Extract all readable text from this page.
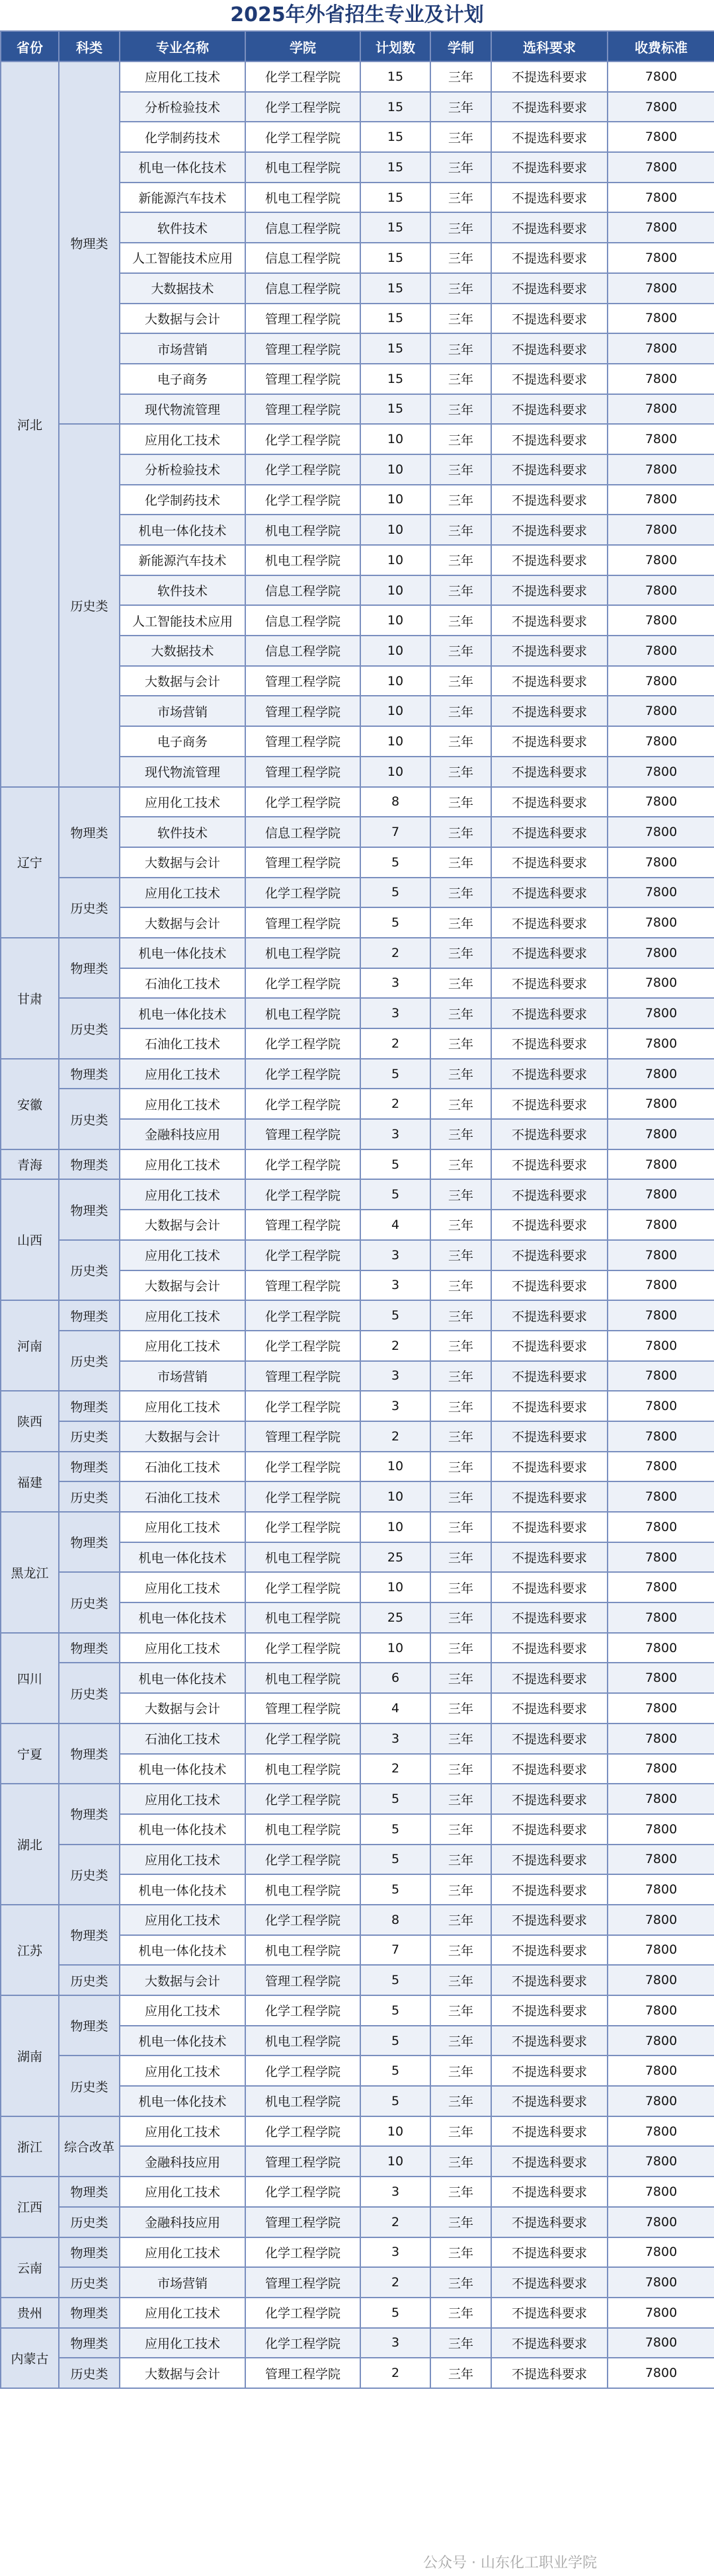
2025年外省招生专业及计划
省份	科类	专业名称	学院	计划数	学制	选科要求	收费标准
河北	物理类	应用化工技术	化学工程学院	15	三年	不提选科要求	7800
		分析检验技术	化学工程学院	15	三年	不提选科要求	7800
		化学制药技术	化学工程学院	15	三年	不提选科要求	7800
		机电一体化技术	机电工程学院	15	三年	不提选科要求	7800
		新能源汽车技术	机电工程学院	15	三年	不提选科要求	7800
		软件技术	信息工程学院	15	三年	不提选科要求	7800
		人工智能技术应用	信息工程学院	15	三年	不提选科要求	7800
		大数据技术	信息工程学院	15	三年	不提选科要求	7800
		大数据与会计	管理工程学院	15	三年	不提选科要求	7800
		市场营销	管理工程学院	15	三年	不提选科要求	7800
		电子商务	管理工程学院	15	三年	不提选科要求	7800
		现代物流管理	管理工程学院	15	三年	不提选科要求	7800
	历史类	应用化工技术	化学工程学院	10	三年	不提选科要求	7800
		分析检验技术	化学工程学院	10	三年	不提选科要求	7800
		化学制药技术	化学工程学院	10	三年	不提选科要求	7800
		机电一体化技术	机电工程学院	10	三年	不提选科要求	7800
		新能源汽车技术	机电工程学院	10	三年	不提选科要求	7800
		软件技术	信息工程学院	10	三年	不提选科要求	7800
		人工智能技术应用	信息工程学院	10	三年	不提选科要求	7800
		大数据技术	信息工程学院	10	三年	不提选科要求	7800
		大数据与会计	管理工程学院	10	三年	不提选科要求	7800
		市场营销	管理工程学院	10	三年	不提选科要求	7800
		电子商务	管理工程学院	10	三年	不提选科要求	7800
		现代物流管理	管理工程学院	10	三年	不提选科要求	7800
辽宁	物理类	应用化工技术	化学工程学院	8	三年	不提选科要求	7800
		软件技术	信息工程学院	7	三年	不提选科要求	7800
		大数据与会计	管理工程学院	5	三年	不提选科要求	7800
	历史类	应用化工技术	化学工程学院	5	三年	不提选科要求	7800
		大数据与会计	管理工程学院	5	三年	不提选科要求	7800
甘肃	物理类	机电一体化技术	机电工程学院	2	三年	不提选科要求	7800
		石油化工技术	化学工程学院	3	三年	不提选科要求	7800
	历史类	机电一体化技术	机电工程学院	3	三年	不提选科要求	7800
		石油化工技术	化学工程学院	2	三年	不提选科要求	7800
安徽	物理类	应用化工技术	化学工程学院	5	三年	不提选科要求	7800
	历史类	应用化工技术	化学工程学院	2	三年	不提选科要求	7800
		金融科技应用	管理工程学院	3	三年	不提选科要求	7800
青海	物理类	应用化工技术	化学工程学院	5	三年	不提选科要求	7800
山西	物理类	应用化工技术	化学工程学院	5	三年	不提选科要求	7800
		大数据与会计	管理工程学院	4	三年	不提选科要求	7800
	历史类	应用化工技术	化学工程学院	3	三年	不提选科要求	7800
		大数据与会计	管理工程学院	3	三年	不提选科要求	7800
河南	物理类	应用化工技术	化学工程学院	5	三年	不提选科要求	7800
	历史类	应用化工技术	化学工程学院	2	三年	不提选科要求	7800
		市场营销	管理工程学院	3	三年	不提选科要求	7800
陕西	物理类	应用化工技术	化学工程学院	3	三年	不提选科要求	7800
	历史类	大数据与会计	管理工程学院	2	三年	不提选科要求	7800
福建	物理类	石油化工技术	化学工程学院	10	三年	不提选科要求	7800
	历史类	石油化工技术	化学工程学院	10	三年	不提选科要求	7800
黑龙江	物理类	应用化工技术	化学工程学院	10	三年	不提选科要求	7800
		机电一体化技术	机电工程学院	25	三年	不提选科要求	7800
	历史类	应用化工技术	化学工程学院	10	三年	不提选科要求	7800
		机电一体化技术	机电工程学院	25	三年	不提选科要求	7800
四川	物理类	应用化工技术	化学工程学院	10	三年	不提选科要求	7800
	历史类	机电一体化技术	机电工程学院	6	三年	不提选科要求	7800
		大数据与会计	管理工程学院	4	三年	不提选科要求	7800
宁夏	物理类	石油化工技术	化学工程学院	3	三年	不提选科要求	7800
		机电一体化技术	机电工程学院	2	三年	不提选科要求	7800
湖北	物理类	应用化工技术	化学工程学院	5	三年	不提选科要求	7800
		机电一体化技术	机电工程学院	5	三年	不提选科要求	7800
	历史类	应用化工技术	化学工程学院	5	三年	不提选科要求	7800
		机电一体化技术	机电工程学院	5	三年	不提选科要求	7800
江苏	物理类	应用化工技术	化学工程学院	8	三年	不提选科要求	7800
		机电一体化技术	机电工程学院	7	三年	不提选科要求	7800
	历史类	大数据与会计	管理工程学院	5	三年	不提选科要求	7800
湖南	物理类	应用化工技术	化学工程学院	5	三年	不提选科要求	7800
		机电一体化技术	机电工程学院	5	三年	不提选科要求	7800
	历史类	应用化工技术	化学工程学院	5	三年	不提选科要求	7800
		机电一体化技术	机电工程学院	5	三年	不提选科要求	7800
浙江	综合改革	应用化工技术	化学工程学院	10	三年	不提选科要求	7800
		金融科技应用	管理工程学院	10	三年	不提选科要求	7800
江西	物理类	应用化工技术	化学工程学院	3	三年	不提选科要求	7800
	历史类	金融科技应用	管理工程学院	2	三年	不提选科要求	7800
云南	物理类	应用化工技术	化学工程学院	3	三年	不提选科要求	7800
	历史类	市场营销	管理工程学院	2	三年	不提选科要求	7800
贵州	物理类	应用化工技术	化学工程学院	5	三年	不提选科要求	7800
内蒙古	物理类	应用化工技术	化学工程学院	3	三年	不提选科要求	7800
	历史类	大数据与会计	管理工程学院	2	三年	不提选科要求	7800
公众号 · 山东化工职业学院
